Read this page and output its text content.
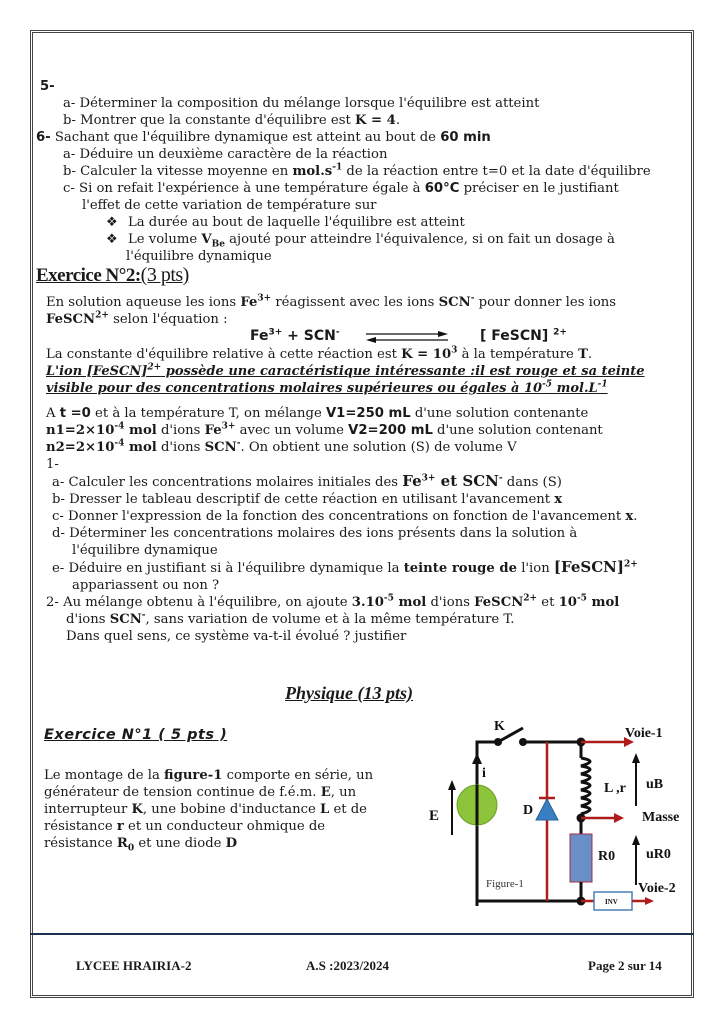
5-
a- Déterminer la composition du mélange lorsque l'équilibre est atteint
b- Montrer que la constante d'équilibre est K = 4.
6- Sachant que l'équilibre dynamique est atteint au bout de 60 min
a- Déduire un deuxième caractère de la réaction
b- Calculer la vitesse moyenne en $mol.s^{-1}$ de la réaction entre t=0 et la date d'équilibre
c- Si on refait l'expérience à une température égale à 60°C préciser en le justifiant
l'effet de cette variation de température sur
❖ La durée au bout de laquelle l'équilibre est atteint
❖ Le volume $V_{Be}$ ajouté pour atteindre l'équivalence, si on fait un dosage à
l'équilibre dynamique
Exercice N°2:(3 pts)
En solution aqueuse les ions $Fe^{3+}$ réagissent avec les ions SCN- pour donner les ions
FeSCN$^{2+}$ selon l'équation :
$Fe^{3+} + SCN^-$	[ FeSCN] $^{2+}$
La constante d'équilibre relative à cette réaction est $K = 10^3$ à la température T.
L'ion [FeSCN]$^{2+}$ possède une caractéristique intéressante :il est rouge et sa teinte
visible pour des concentrations molaires supérieures ou égales à $10^{-5}$ $mol.L^{-1}$
A t =0 et à la température T, on mélange V1=250 mL d'une solution contenante
$n1=2\times 10^{-4}$ mol d'ions $Fe^{3+}$ avec un volume V2=200 mL d'une solution contenant
$n2=2\times 10^{-4}$ mol d'ions SCN-. On obtient une solution (S) de volume V
1-
a- Calculer les concentrations molaires initiales des $Fe^{3+}$ et SCN- dans (S)
b- Dresser le tableau descriptif de cette réaction en utilisant l'avancement x
c- Donner l'expression de la fonction des concentrations on fonction de l'avancement x.
d- Déterminer les concentrations molaires des ions présents dans la solution à
l'équilibre dynamique
e- Déduire en justifiant si à l'équilibre dynamique la teinte rouge de l'ion [FeSCN]$^{2+}$
appariassent ou non ?
2- Au mélange obtenu à l'équilibre, on ajoute $3.10^{-5}$ mol d'ions FeSCN$^{2+}$ et $10^{-5}$ mol
d'ions SCN-, sans variation de volume et à la même température T.
Dans quel sens, ce système va-t-il évolué ? justifier
Physique (13 pts)
Exercice N°1 ( 5 pts )
Le montage de la figure-1 comporte en série, un
générateur de tension continue de f.é.m. E, un
interrupteur K, une bobine d'inductance L et de
résistance r et un conducteur ohmique de
résistance $R_0$ et une diode D
K
i
E	D
L ,r
R0
Voie-1
Masse
uB
uR0
INV
Voie-2
Figure-1
LYCEE HRAIRIA-2	A.S :2023/2024	Page 2 sur 14
